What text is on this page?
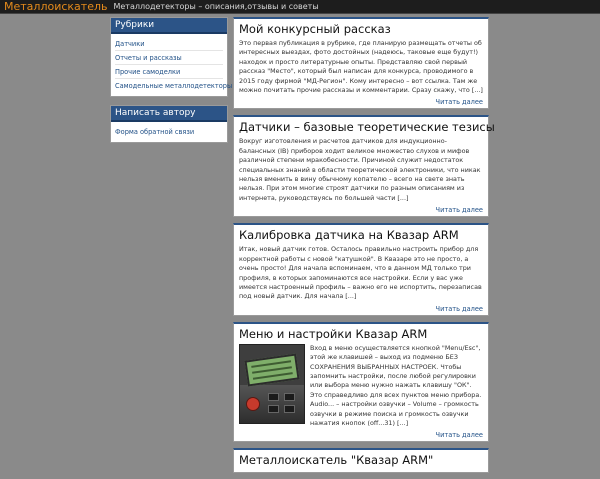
Металлоискатель Металлодетекторы – описания,отзывы и советы
Рубрики
Датчики
Отчеты и рассказы
Прочие самоделки
Самодельные металлодетекторы
Написать автору
Форма обратной связи
Мой конкурсный рассказ

Это первая публикация в рубрике, где планирую размещать отчеты об интересных выездах, фото достойных (надеюсь, таковые еще будут!) находок и просто литературные опыты. Представляю свой первый рассказ "Место", который был написан для конкурса, проводимого в 2015 году фирмой "МД-Регион". Кому интересно – вот ссылка. Там же можно почитать прочие рассказы и комментарии. Сразу скажу, что [...]

Читать далее
Датчики – базовые теоретические тезисы

Вокруг изготовления и расчетов датчиков для индукционно-балансных (IB) приборов ходит великое множество слухов и мифов различной степени мракобесности. Причиной служит недостаток специальных знаний в области теоретической электроники, что никак нельзя вменить в вину обычному копателю – всего на свете знать нельзя. При этом многие строят датчики по разным описаниям из интернета, руководствуясь по большей части [...]

Читать далее
Калибровка датчика на Квазар ARM

Итак, новый датчик готов. Осталось правильно настроить прибор для корректной работы с новой "катушкой". В Квазаре это не просто, а очень просто! Для начала вспоминаем, что в данном МД только три профиля, в которых запоминаются все настройки. Если у вас уже имеется настроенный профиль – важно его не испортить, перезаписав под новый датчик. Для начала [...]

Читать далее
Меню и настройки Квазар ARM

Вход в меню осуществляется кнопкой "Menu/Esc", этой же клавишей – выход из подменю БЕЗ СОХРАНЕНИЯ ВЫБРАННЫХ НАСТРОЕК. Чтобы запомнить настройки, после любой регулировки или выбора меню нужно нажать клавишу "ОК". Это справедливо для всех пунктов меню прибора. Audio... – настройки озвучки – Volume – громкость озвучки в режиме поиска и громкость озвучки нажатия кнопок (off...31) [...]

Читать далее
Металлоискатель "Квазар ARM"
